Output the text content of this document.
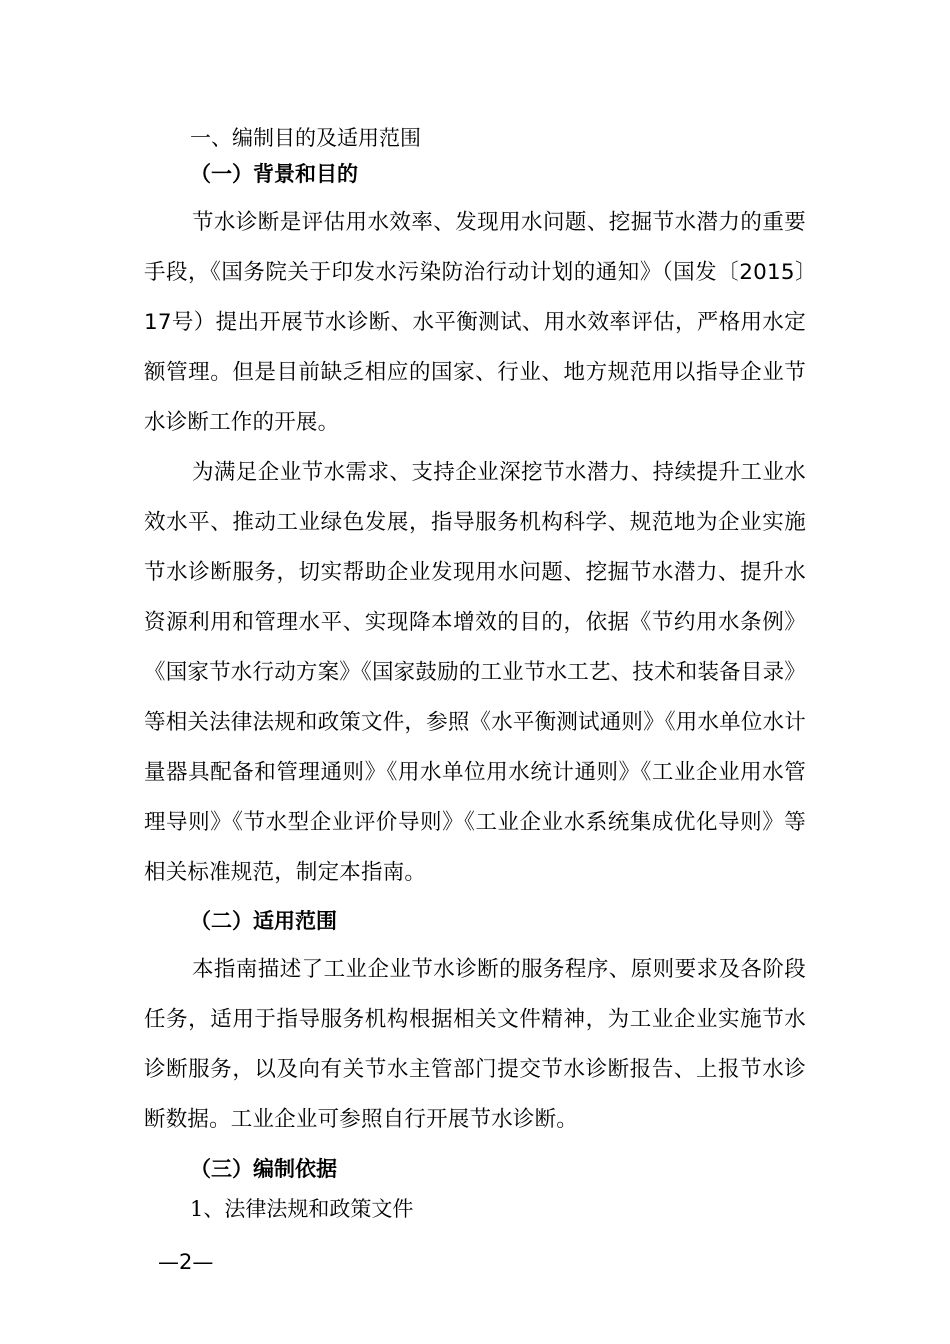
一、编制目的及适用范围
（一）背景和目的

节水诊断是评估用水效率、发现用水问题、挖掘节水潜力的重要手段，《国务院关于印发水污染防治行动计划的通知》（国发〔2015〕17号）提出开展节水诊断、水平衡测试、用水效率评估，严格用水定额管理。但是目前缺乏相应的国家、行业、地方规范用以指导企业节水诊断工作的开展。

为满足企业节水需求、支持企业深挖节水潜力、持续提升工业水效水平、推动工业绿色发展，指导服务机构科学、规范地为企业实施节水诊断服务，切实帮助企业发现用水问题、挖掘节水潜力、提升水资源利用和管理水平、实现降本增效的目的，依据《节约用水条例》《国家节水行动方案》《国家鼓励的工业节水工艺、技术和装备目录》等相关法律法规和政策文件，参照《水平衡测试通则》《用水单位水计量器具配备和管理通则》《用水单位用水统计通则》《工业企业用水管理导则》《节水型企业评价导则》《工业企业水系统集成优化导则》等相关标准规范，制定本指南。

（二）适用范围

本指南描述了工业企业节水诊断的服务程序、原则要求及各阶段任务，适用于指导服务机构根据相关文件精神，为工业企业实施节水诊断服务，以及向有关节水主管部门提交节水诊断报告、上报节水诊断数据。工业企业可参照自行开展节水诊断。

（三）编制依据
1、法律法规和政策文件
—2—
